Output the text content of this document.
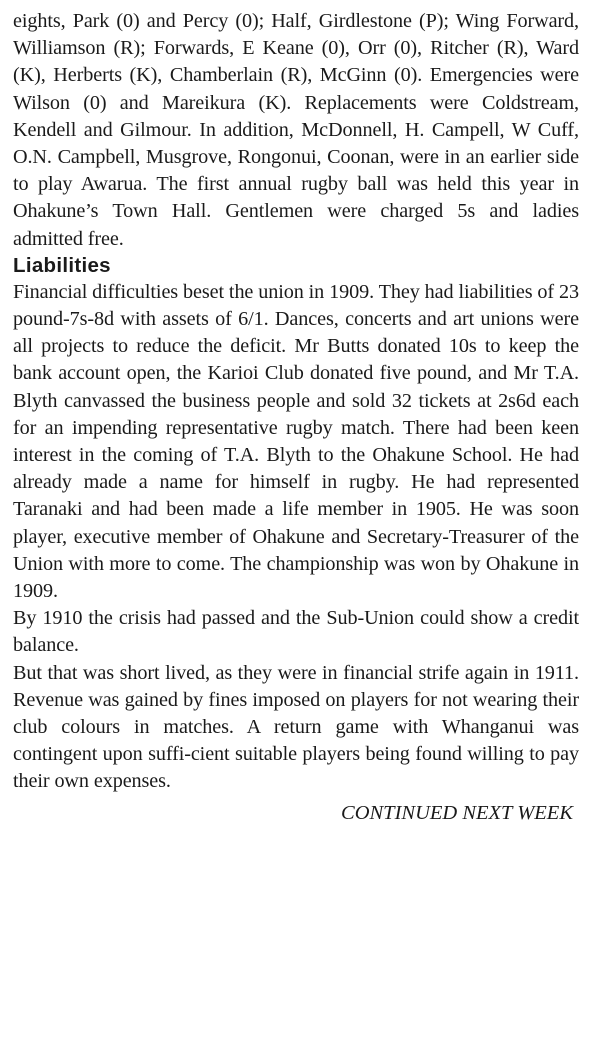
eights, Park (0) and Percy (0); Half, Girdlestone (P); Wing Forward, Williamson (R); Forwards, E Keane (0), Orr (0), Ritcher (R), Ward (K), Herberts (K), Chamberlain (R), McGinn (0). Emergencies were Wilson (0) and Mareikura (K). Replacements were Coldstream, Kendell and Gilmour. In addition, McDonnell, H. Campell, W Cuff, O.N. Campbell, Musgrove, Rongonui, Coonan, were in an earlier side to play Awarua. The first annual rugby ball was held this year in Ohakune’s Town Hall. Gentlemen were charged 5s and ladies admitted free.

Liabilities

Financial difficulties beset the union in 1909. They had liabilities of 23 pound-7s-8d with assets of 6/1. Dances, concerts and art unions were all projects to reduce the deficit. Mr Butts donated 10s to keep the bank account open, the Karioi Club donated five pound, and Mr T.A. Blyth canvassed the business people and sold 32 tickets at 2s6d each for an impending representative rugby match. There had been keen interest in the coming of T.A. Blyth to the Ohakune School. He had already made a name for himself in rugby. He had represented Taranaki and had been made a life member in 1905. He was soon player, executive member of Ohakune and Secretary-Treasurer of the Union with more to come. The championship was won by Ohakune in 1909.

By 1910 the crisis had passed and the Sub-Union could show a credit balance.

But that was short lived, as they were in financial strife again in 1911. Revenue was gained by fines imposed on players for not wearing their club colours in matches. A return game with Whanganui was contingent upon suffi-cient suitable players being found willing to pay their own expenses.

CONTINUED NEXT WEEK
